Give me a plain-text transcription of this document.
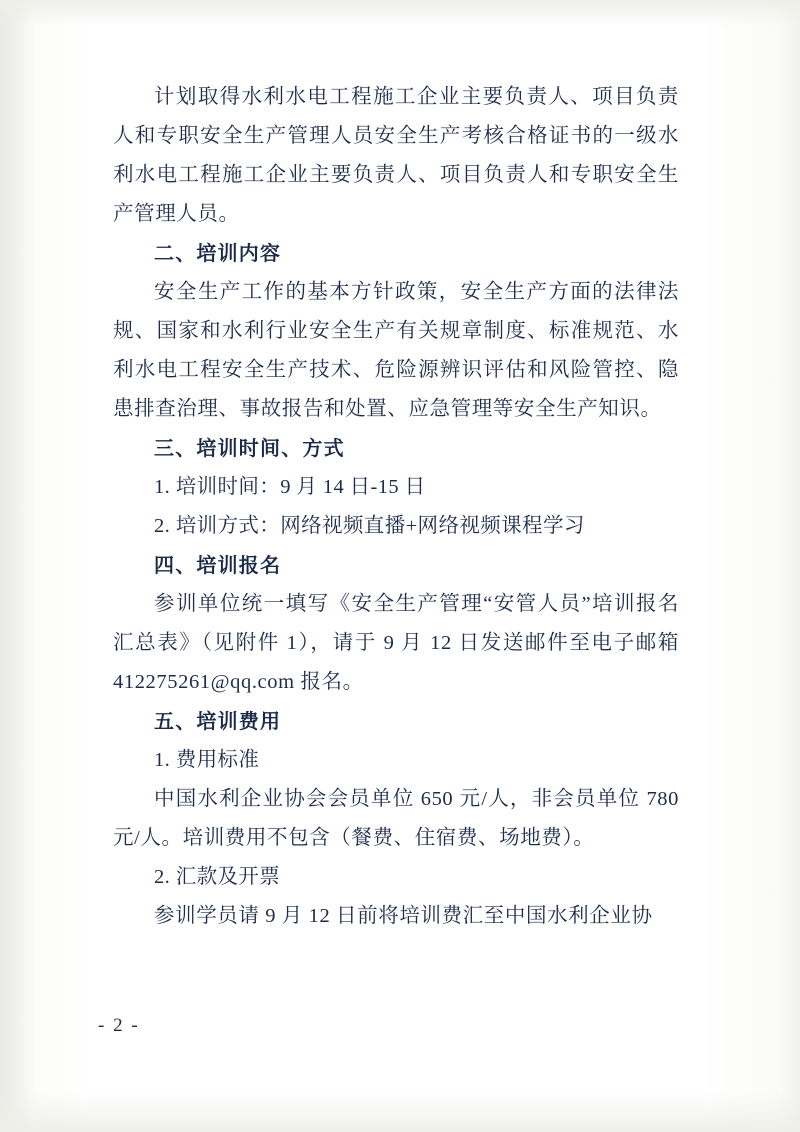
计划取得水利水电工程施工企业主要负责人、项目负责人和专职安全生产管理人员安全生产考核合格证书的一级水利水电工程施工企业主要负责人、项目负责人和专职安全生产管理人员。

二、培训内容

安全生产工作的基本方针政策，安全生产方面的法律法规、国家和水利行业安全生产有关规章制度、标准规范、水利水电工程安全生产技术、危险源辨识评估和风险管控、隐患排查治理、事故报告和处置、应急管理等安全生产知识。

三、培训时间、方式

1. 培训时间：9 月 14 日-15 日

2. 培训方式：网络视频直播+网络视频课程学习

四、培训报名

参训单位统一填写《安全生产管理“安管人员”培训报名汇总表》（见附件 1），请于 9 月 12 日发送邮件至电子邮箱 412275261@qq.com 报名。

五、培训费用

1. 费用标准

中国水利企业协会会员单位 650 元/人，非会员单位 780 元/人。培训费用不包含（餐费、住宿费、场地费）。

2. 汇款及开票

参训学员请 9 月 12 日前将培训费汇至中国水利企业协

- 2 -
